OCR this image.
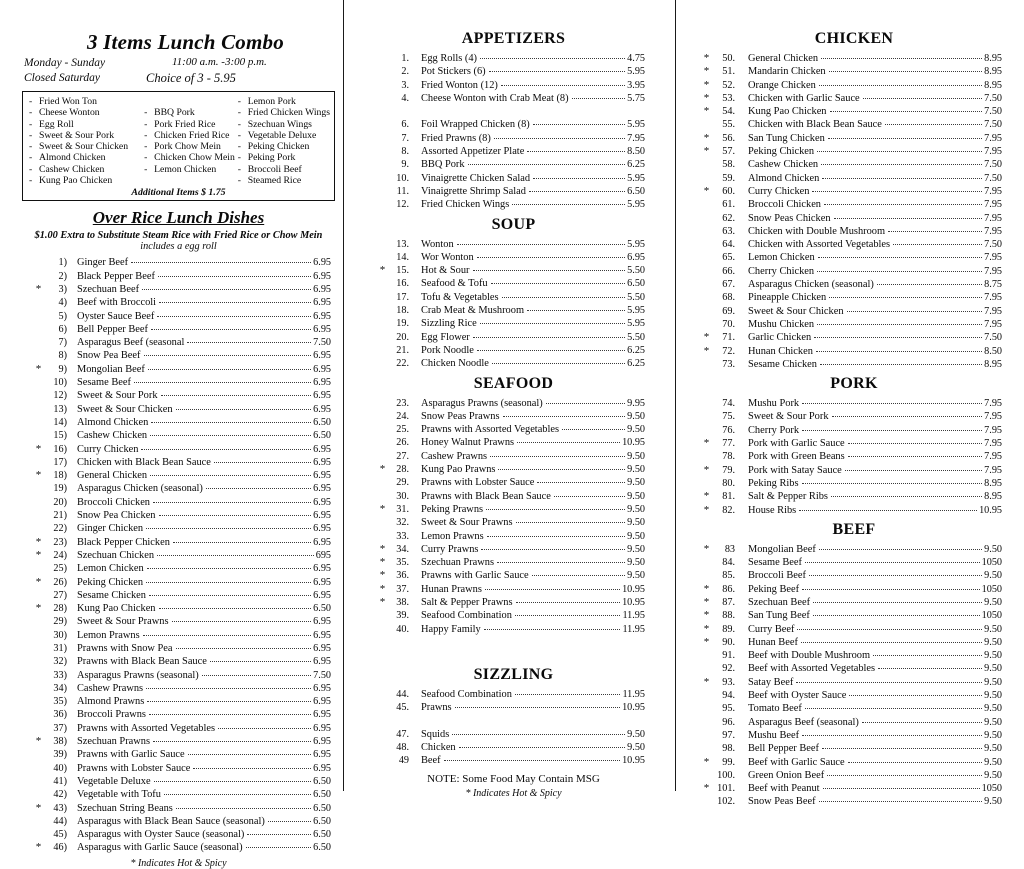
3 Items Lunch Combo
Monday - Sunday
Closed Saturday
11:00 a.m. -3:00 p.m.
Choice of 3 - 5.95
- Fried Won Ton
- Cheese Wonton
- Egg Roll
- Sweet & Sour Pork
- Sweet & Sour Chicken
- Almond Chicken
- Cashew Chicken
- Kung Pao Chicken
- BBQ Pork
- Pork Fried Rice
- Chicken Fried Rice
- Pork Chow Mein
- Chicken Chow Mein
- Lemon Chicken
- Lemon Pork
- Fried Chicken Wings
- Szechuan Wings
- Vegetable Deluxe
- Peking Chicken
- Peking Pork
- Broccoli Beef
- Steamed Rice
Additional Items $ 1.75
Over Rice Lunch Dishes
$1.00 Extra to Substitute Steam Rice with Fried Rice or Chow Mein
includes a egg roll
1) Ginger Beef	6.95
2) Black Pepper Beef	6.95
*	3) Szechuan Beef	6.95
4) Beef with Broccoli	6.95
5) Oyster Sauce Beef	6.95
6) Bell Pepper Beef	6.95
7) Asparagus Beef (seasonal	7.50
8) Snow Pea Beef	6.95
*	9) Mongolian Beef	6.95
10) Sesame Beef	6.95
12) Sweet & Sour Pork	6.95
13) Sweet & Sour Chicken	6.95
14) Almond Chicken	6.50
15) Cashew Chicken	6.50
*	16) Curry Chicken	6.95
17) Chicken with Black Bean Sauce	6.95
*	18) General Chicken	6.95
19) Asparagus Chicken (seasonal)	6.95
20) Broccoli Chicken	6.95
21) Snow Pea Chicken	6.95
22) Ginger Chicken	6.95
*	23) Black Pepper Chicken	6.95
*	24) Szechuan Chicken	695
25) Lemon Chicken	6.95
*	26) Peking Chicken	6.95
27) Sesame Chicken	6.95
*	28) Kung Pao Chicken	6.50
29) Sweet & Sour Prawns	6.95
30) Lemon Prawns	6.95
31) Prawns with Snow Pea	6.95
32) Prawns with Black Bean Sauce	6.95
33) Asparagus Prawns (seasonal)	7.50
34) Cashew Prawns	6.95
35) Almond Prawns	6.95
36) Broccoli Prawns	6.95
37) Prawns with Assorted Vegetables	6.95
*	38) Szechuan Prawns	6.95
39) Prawns with Garlic Sauce	6.95
40) Prawns with Lobster Sauce	6.95
41) Vegetable Deluxe	6.50
42) Vegetable with Tofu	6.50
*	43) Szechuan String Beans	6.50
44) Asparagus with Black Bean Sauce (seasonal)	6.50
45) Asparagus with Oyster Sauce (seasonal)	6.50
*	46) Asparagus with Garlic Sauce (seasonal)	6.50
* Indicates Hot & Spicy
APPETIZERS
1.	Egg Rolls (4)	4.75
2.	Pot Stickers (6)	5.95
3.	Fried Wonton (12)	3.95
4.	Cheese Wonton with Crab Meat (8)	5.75
6.	Foil Wrapped Chicken (8)	5.95
7.	Fried Prawns (8)	7.95
8.	Assorted Appetizer Plate	8.50
9.	BBQ Pork	6.25
10.	Vinaigrette Chicken Salad	5.95
11.	Vinaigrette Shrimp Salad	6.50
12.	Fried Chicken Wings	5.95
SOUP
13.	Wonton	5.95
14.	Wor Wonton	6.95
*	15.	Hot & Sour	5.50
16.	Seafood & Tofu	6.50
17.	Tofu & Vegetables	5.50
18.	Crab Meat & Mushroom	5.95
19.	Sizzling Rice	5.95
20.	Egg Flower	5.50
21.	Pork Noodle	6.25
22.	Chicken Noodle	6.25
SEAFOOD
23.	Asparagus Prawns (seasonal)	9.95
24.	Snow Peas Prawns	9.50
25.	Prawns with Assorted Vegetables	9.50
26.	Honey Walnut Prawns	10.95
27.	Cashew Prawns	9.50
*	28.	Kung Pao Prawns	9.50
29.	Prawns with Lobster Sauce	9.50
30.	Prawns with Black Bean Sauce	9.50
*	31.	Peking Prawns	9.50
32.	Sweet & Sour Prawns	9.50
33.	Lemon Prawns	9.50
*	34.	Curry Prawns	9.50
*	35.	Szechuan Prawns	9.50
*	36.	Prawns with Garlic Sauce	9.50
*	37.	Hunan Prawns	10.95
*	38.	Salt & Pepper Prawns	10.95
39.	Seafood Combination	11.95
40.	Happy Family	11.95
SIZZLING
44.	Seafood Combination	11.95
45.	Prawns	10.95
47.	Squids	9.50
48.	Chicken	9.50
49	Beef	10.95
NOTE: Some Food May Contain MSG
* Indicates Hot & Spicy
CHICKEN
*	50.	General Chicken	8.95
*	51.	Mandarin Chicken	8.95
*	52.	Orange Chicken	8.95
*	53.	Chicken with Garlic Sauce	7.50
*	54.	Kung Pao Chicken	7.50
55.	Chicken with Black Bean Sauce	7.50
*	56.	San Tung Chicken	7.95
*	57.	Peking Chicken	7.95
58.	Cashew Chicken	7.50
59.	Almond Chicken	7.50
*	60.	Curry Chicken	7.95
61.	Broccoli Chicken	7.95
62.	Snow Peas Chicken	7.95
63.	Chicken with Double Mushroom	7.95
64.	Chicken with Assorted Vegetables	7.50
65.	Lemon Chicken	7.95
66.	Cherry Chicken	7.95
67.	Asparagus Chicken (seasonal)	8.75
68.	Pineapple Chicken	7.95
69.	Sweet & Sour Chicken	7.95
70.	Mushu Chicken	7.95
*	71.	Garlic Chicken	7.50
*	72.	Hunan Chicken	8.50
73.	Sesame Chicken	8.95
PORK
74.	Mushu Pork	7.95
75.	Sweet & Sour Pork	7.95
76.	Cherry Pork	7.95
*	77.	Pork with Garlic Sauce	7.95
78.	Pork with Green Beans	7.95
*	79.	Pork with Satay Sauce	7.95
80.	Peking Ribs	8.95
*	81.	Salt & Pepper Ribs	8.95
*	82.	House Ribs	10.95
BEEF
*	83	Mongolian Beef	9.50
84.	Sesame Beef	1050
85.	Broccoli Beef	9.50
*	86.	Peking Beef	1050
*	87.	Szechuan Beef	9.50
*	88.	San Tung Beef	1050
*	89.	Curry Beef	9.50
*	90.	Hunan Beef	9.50
91.	Beef with Double Mushroom	9.50
92.	Beef with Assorted Vegetables	9.50
*	93.	Satay Beef	9.50
94.	Beef with Oyster Sauce	9.50
95.	Tomato Beef	9.50
96.	Asparagus Beef (seasonal)	9.50
97.	Mushu Beef	9.50
98.	Bell Pepper Beef	9.50
*	99.	Beef with Garlic Sauce	9.50
100.	Green Onion Beef	9.50
* 101.	Beef with Peanut	1050
102.	Snow Peas Beef	9.50
